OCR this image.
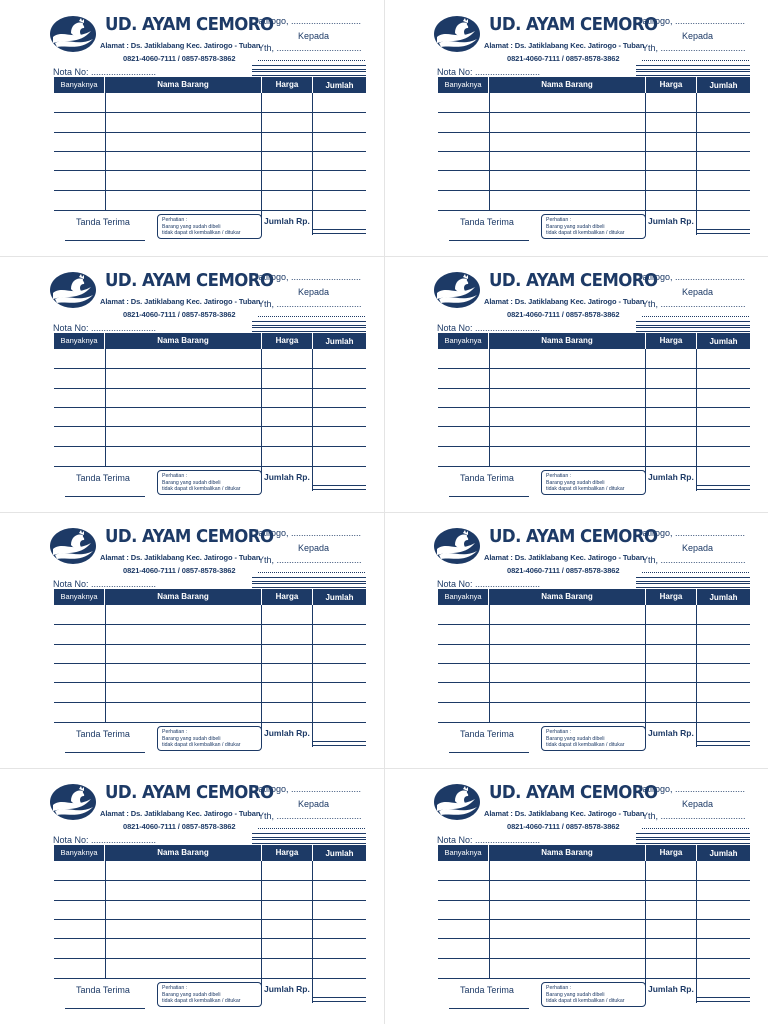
UD. AYAM CEMORO
Alamat : Ds. Jatiklabang Kec. Jatirogo - Tuban
0821-4060-7111 / 0857-8578-3862
Jatirogo, ............................
Kepada
Yth, ..................................
Nota No: ..........................
Banyaknya	Nama Barang	Harga	Jumlah
Tanda Terima	Perhatian :
Barang yang sudah dibeli
tidak dapat di kembalikan / ditukar
Jumlah Rp.
UD. AYAM CEMORO
Alamat : Ds. Jatiklabang Kec. Jatirogo - Tuban
0821-4060-7111 / 0857-8578-3862
Jatirogo, ............................
Kepada
Yth, ..................................
Nota No: ..........................
Banyaknya	Nama Barang	Harga	Jumlah
Tanda Terima	Perhatian :
Barang yang sudah dibeli
tidak dapat di kembalikan / ditukar
Jumlah Rp.
UD. AYAM CEMORO
Alamat : Ds. Jatiklabang Kec. Jatirogo - Tuban
0821-4060-7111 / 0857-8578-3862
Jatirogo, ............................
Kepada
Yth, ..................................
Nota No: ..........................
Banyaknya	Nama Barang	Harga	Jumlah
Tanda Terima	Perhatian :
Barang yang sudah dibeli
tidak dapat di kembalikan / ditukar
Jumlah Rp.
UD. AYAM CEMORO
Alamat : Ds. Jatiklabang Kec. Jatirogo - Tuban
0821-4060-7111 / 0857-8578-3862
Jatirogo, ............................
Kepada
Yth, ..................................
Nota No: ..........................
Banyaknya	Nama Barang	Harga	Jumlah
Tanda Terima	Perhatian :
Barang yang sudah dibeli
tidak dapat di kembalikan / ditukar
Jumlah Rp.
UD. AYAM CEMORO
Alamat : Ds. Jatiklabang Kec. Jatirogo - Tuban
0821-4060-7111 / 0857-8578-3862
Jatirogo, ............................
Kepada
Yth, ..................................
Nota No: ..........................
Banyaknya	Nama Barang	Harga	Jumlah
Tanda Terima	Perhatian :
Barang yang sudah dibeli
tidak dapat di kembalikan / ditukar
Jumlah Rp.
UD. AYAM CEMORO
Alamat : Ds. Jatiklabang Kec. Jatirogo - Tuban
0821-4060-7111 / 0857-8578-3862
Jatirogo, ............................
Kepada
Yth, ..................................
Nota No: ..........................
Banyaknya	Nama Barang	Harga	Jumlah
Tanda Terima	Perhatian :
Barang yang sudah dibeli
tidak dapat di kembalikan / ditukar
Jumlah Rp.
UD. AYAM CEMORO
Alamat : Ds. Jatiklabang Kec. Jatirogo - Tuban
0821-4060-7111 / 0857-8578-3862
Jatirogo, ............................
Kepada
Yth, ..................................
Nota No: ..........................
Banyaknya	Nama Barang	Harga	Jumlah
Tanda Terima	Perhatian :
Barang yang sudah dibeli
tidak dapat di kembalikan / ditukar
Jumlah Rp.
UD. AYAM CEMORO
Alamat : Ds. Jatiklabang Kec. Jatirogo - Tuban
0821-4060-7111 / 0857-8578-3862
Jatirogo, ............................
Kepada
Yth, ..................................
Nota No: ..........................
Banyaknya	Nama Barang	Harga	Jumlah
Tanda Terima	Perhatian :
Barang yang sudah dibeli
tidak dapat di kembalikan / ditukar
Jumlah Rp.
